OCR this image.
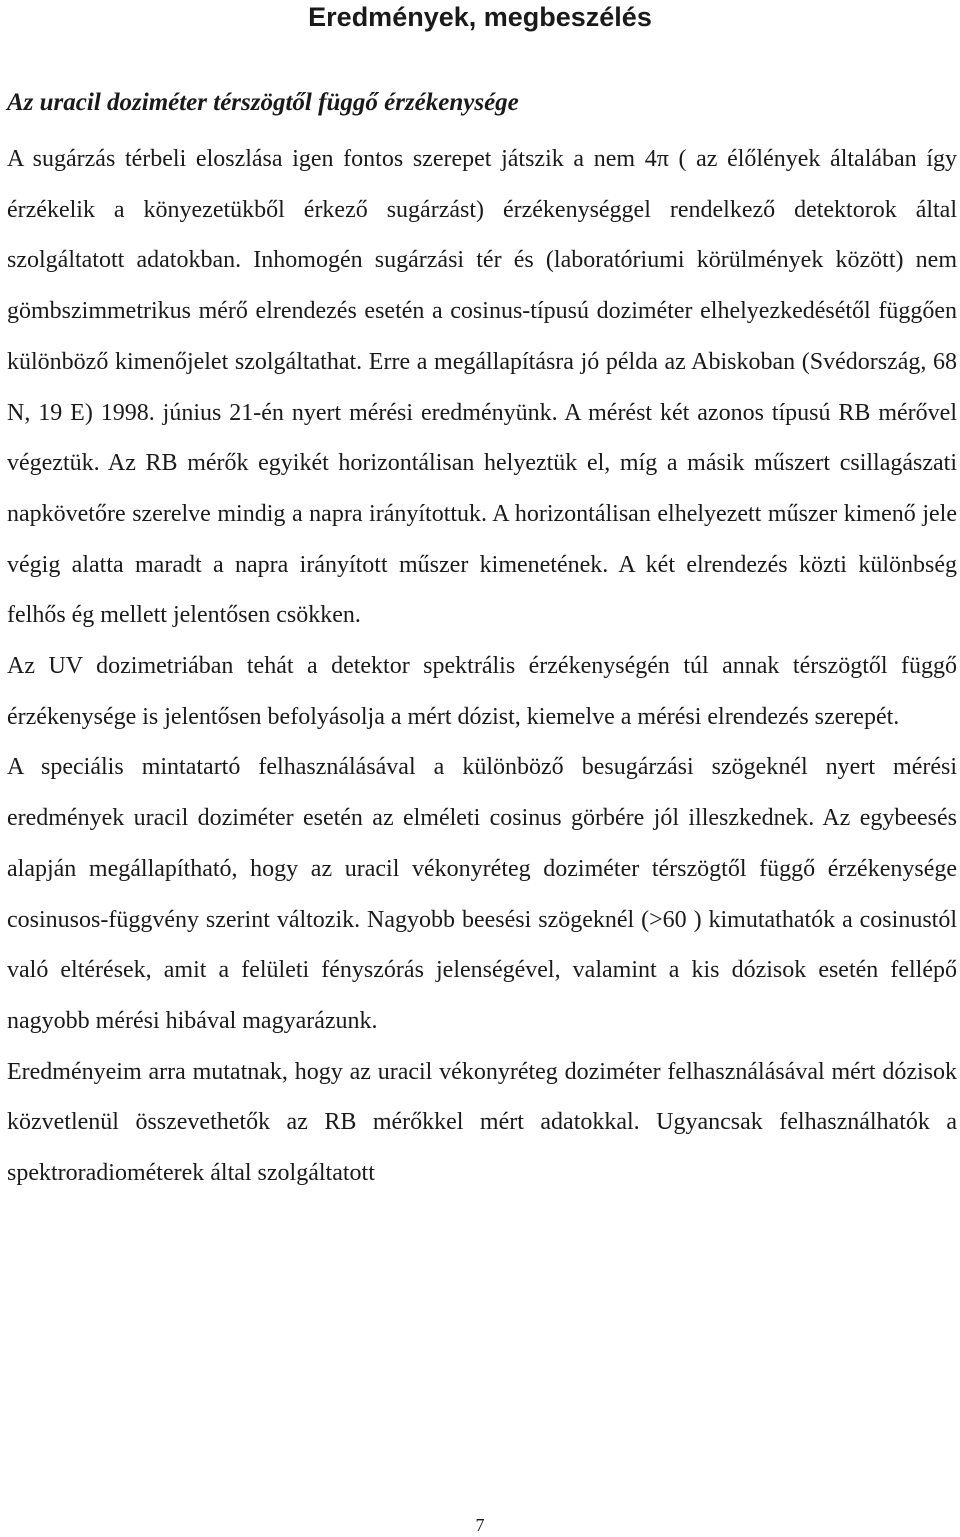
Eredmények, megbeszélés
Az uracil doziméter térszögtől függő érzékenysége

A sugárzás térbeli eloszlása igen fontos szerepet játszik a nem 4π ( az élőlények általában így érzékelik a könyezetükből érkező sugárzást) érzékenységgel rendelkező detektorok által szolgáltatott adatokban. Inhomogén sugárzási tér és (laboratóriumi körülmények között) nem gömbszimmetrikus mérő elrendezés esetén a cosinus-típusú doziméter elhelyezkedésétől függően különböző kimenőjelet szolgáltathat. Erre a megállapításra jó példa az Abiskoban (Svédország, 68 N, 19 E) 1998. június 21-én nyert mérési eredményünk. A mérést két azonos típusú RB mérővel végeztük. Az RB mérők egyikét horizontálisan helyeztük el, míg a másik műszert csillagászati napkövetőre szerelve mindig a napra irányítottuk. A horizontálisan elhelyezett műszer kimenő jele végig alatta maradt a napra irányított műszer kimenetének. A két elrendezés közti különbség felhős ég mellett jelentősen csökken.

Az UV dozimetriában tehát a detektor spektrális érzékenységén túl annak térszögtől függő érzékenysége is jelentősen befolyásolja a mért dózist, kiemelve a mérési elrendezés szerepét.

A speciális mintatartó felhasználásával a különböző besugárzási szögeknél nyert mérési eredmények uracil doziméter esetén az elméleti cosinus görbére jól illeszkednek. Az egybeesés alapján megállapítható, hogy az uracil vékonyréteg doziméter térszögtől függő érzékenysége cosinusos-függvény szerint változik. Nagyobb beesési szögeknél (>60 ) kimutathatók a cosinustól való eltérések, amit a felületi fényszórás jelenségével, valamint a kis dózisok esetén fellépő nagyobb mérési hibával magyarázunk.

Eredményeim arra mutatnak, hogy az uracil vékonyréteg doziméter felhasználásával mért dózisok közvetlenül összevethetők az RB mérőkkel mért adatokkal. Ugyancsak felhasználhatók a spektroradiométerek által szolgáltatott

7
